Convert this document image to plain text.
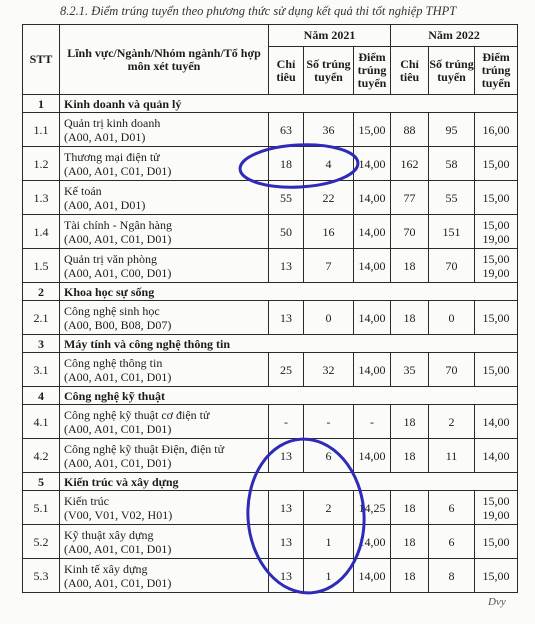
8.2.1. Điểm trúng tuyển theo phương thức sử dụng kết quả thi tốt nghiệp THPT
STT	Lĩnh vực/Ngành/Nhóm ngành/Tổ hợp môn xét tuyển	Năm 2021			Năm 2022		
		Chỉ tiêu	Số trúng tuyển	Điểm trúng tuyển	Chỉ tiêu	Số trúng tuyển	Điểm trúng tuyển
1	Kinh doanh và quản lý						
1.1	Quản trị kinh doanh
(A00, A01, D01)	63	36	15,00	88	95	16,00

1.2	Thương mại điện tử
(A00, A01, C01, D01)	18	4	14,00	162	58	15,00

1.3	Kế toán
(A00, A01, D01)	55	22	14,00	77	55	15,00

1.4	Tài chính - Ngân hàng
(A00, A01, C01, D01)	50	16	14,00	70	151	15,00
19,00

1.5	Quản trị văn phòng
(A00, A01, C00, D01)	13	7	14,00	18	70	15,00
19,00

2	Khoa học sự sống						
2.1	Công nghệ sinh học
(A00, B00, B08, D07)	13	0	14,00	18	0	15,00

3	Máy tính và công nghệ thông tin						
3.1	Công nghệ thông tin
(A00, A01, C01, D01)	25	32	14,00	35	70	15,00

4	Công nghệ kỹ thuật						
4.1	Công nghệ kỹ thuật cơ điện tử
(A00, A01, C01, D01)	-	-	-	18	2	14,00

4.2	Công nghệ kỹ thuật Điện, điện tử
(A00, A01, C01, D01)	13	6	14,00	18	11	14,00

5	Kiến trúc và xây dựng						
5.1	Kiến trúc
(V00, V01, V02, H01)	13	2	14,25	18	6	15,00
19,00

5.2	Kỹ thuật xây dựng
(A00, A01, C01, D01)	13	1	14,00	18	6	15,00

5.3	Kinh tế xây dựng
(A00, A01, C01, D01)	13	1	14,00	18	8	15,00
Dvy
